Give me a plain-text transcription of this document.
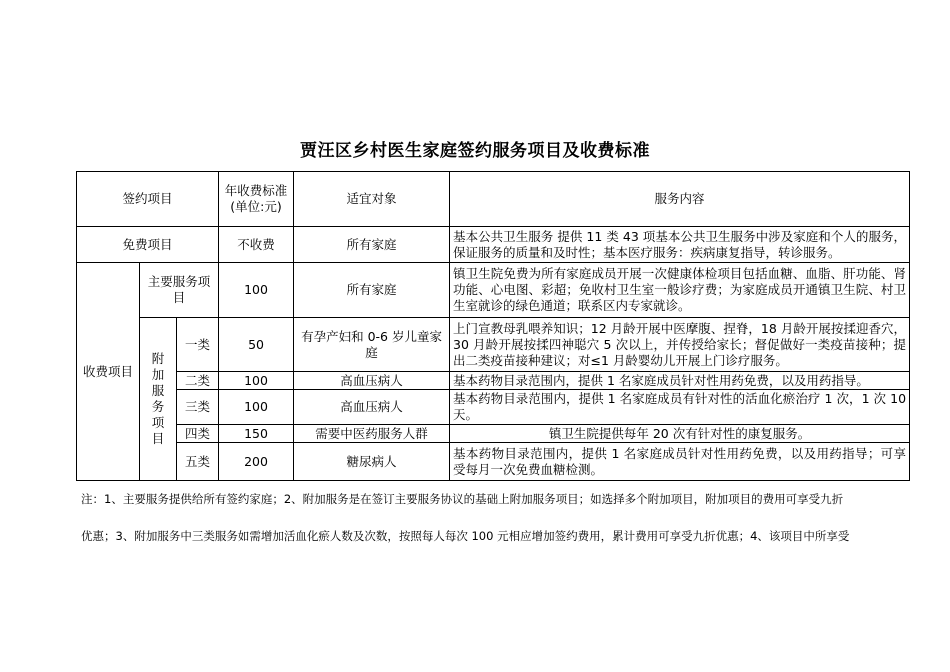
贾汪区乡村医生家庭签约服务项目及收费标准
签约项目			年收费标准(单位:元)	适宜对象	服务内容
免费项目			不收费	所有家庭	基本公共卫生服务 提供 11 类 43 项基本公共卫生服务中涉及家庭和个人的服务，保证服务的质量和及时性；基本医疗服务：疾病康复指导，转诊服务。
收费项目	主要服务项目		100	所有家庭	镇卫生院免费为所有家庭成员开展一次健康体检项目包括血糖、血脂、肝功能、肾功能、心电图、彩超；免收村卫生室一般诊疗费；为家庭成员开通镇卫生院、村卫生室就诊的绿色通道；联系区内专家就诊。
	附加服务项目	一类	50	有孕产妇和 0-6 岁儿童家庭	上门宣教母乳喂养知识；12 月龄开展中医摩腹、捏脊，18 月龄开展按揉迎香穴，30 月龄开展按揉四神聪穴 5 次以上，并传授给家长；督促做好一类疫苗接种；提出二类疫苗接种建议；对≤1 月龄婴幼儿开展上门诊疗服务。
		二类	100	高血压病人	基本药物目录范围内，提供 1 名家庭成员针对性用药免费，以及用药指导。
		三类	100	高血压病人	基本药物目录范围内，提供 1 名家庭成员有针对性的活血化瘀治疗 1 次，1 次 10 天。
		四类	150	需要中医药服务人群	镇卫生院提供每年 20 次有针对性的康复服务。
		五类	200	糖尿病人	基本药物目录范围内，提供 1 名家庭成员针对性用药免费，以及用药指导；可享受每月一次免费血糖检测。
注：1、主要服务提供给所有签约家庭；2、附加服务是在签订主要服务协议的基础上附加服务项目；如选择多个附加项目，附加项目的费用可享受九折
优惠；3、附加服务中三类服务如需增加活血化瘀人数及次数，按照每人每次 100 元相应增加签约费用，累计费用可享受九折优惠；4、该项目中所享受
